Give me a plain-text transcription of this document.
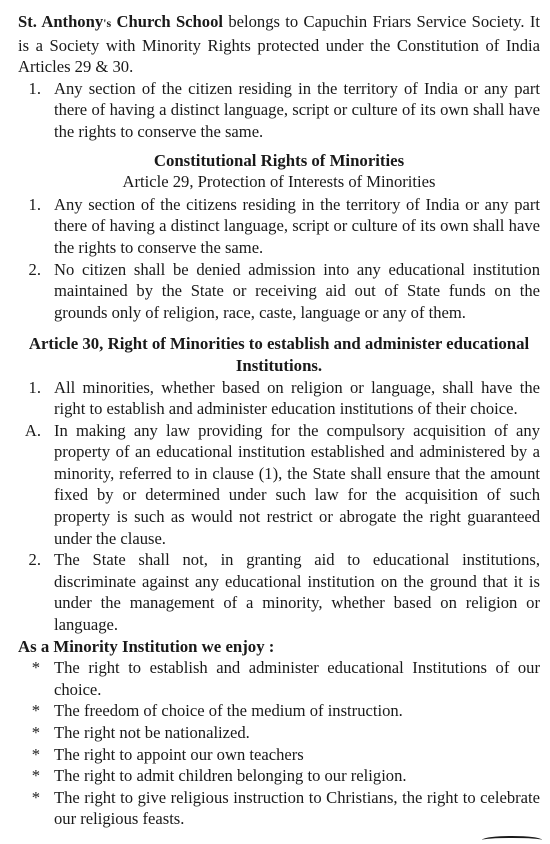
St. Anthony's Church School belongs to Capuchin Friars Service Society. It is a Society with Minority Rights protected under the Constitution of India Articles 29 & 30.

1. Any section of the citizen residing in the territory of India or any part there of having a distinct language, script or culture of its own shall have the rights to conserve the same.

Constitutional Rights of Minorities

Article 29, Protection of Interests of Minorities

1. Any section of the citizens residing in the territory of India or any part there of having a distinct language, script or culture of its own shall have the rights to conserve the same.
2. No citizen shall be denied admission into any educational institution maintained by the State or receiving aid out of State funds on the grounds only of religion, race, caste, language or any of them.

Article 30, Right of Minorities to establish and administer educational Institutions.

1. All minorities, whether based on religion or language, shall have the right to establish and administer education institutions of their choice.
A. In making any law providing for the compulsory acquisition of any property of an educational institution established and administered by a minority, referred to in clause (1), the State shall ensure that the amount fixed by or determined under such law for the acquisition of such property is such as would not restrict or abrogate the right guaranteed under the clause.
2. The State shall not, in granting aid to educational institutions, discriminate against any educational institution on the ground that it is under the management of a minority, whether based on religion or language.

As a Minority Institution we enjoy :

* The right to establish and administer educational Institutions of our choice.
* The freedom of choice of the medium of instruction.
* The right not be nationalized.
* The right to appoint our own teachers
* The right to admit children belonging to our religion.
* The right to give religious instruction to Christians, the right to celebrate our religious feasts.
